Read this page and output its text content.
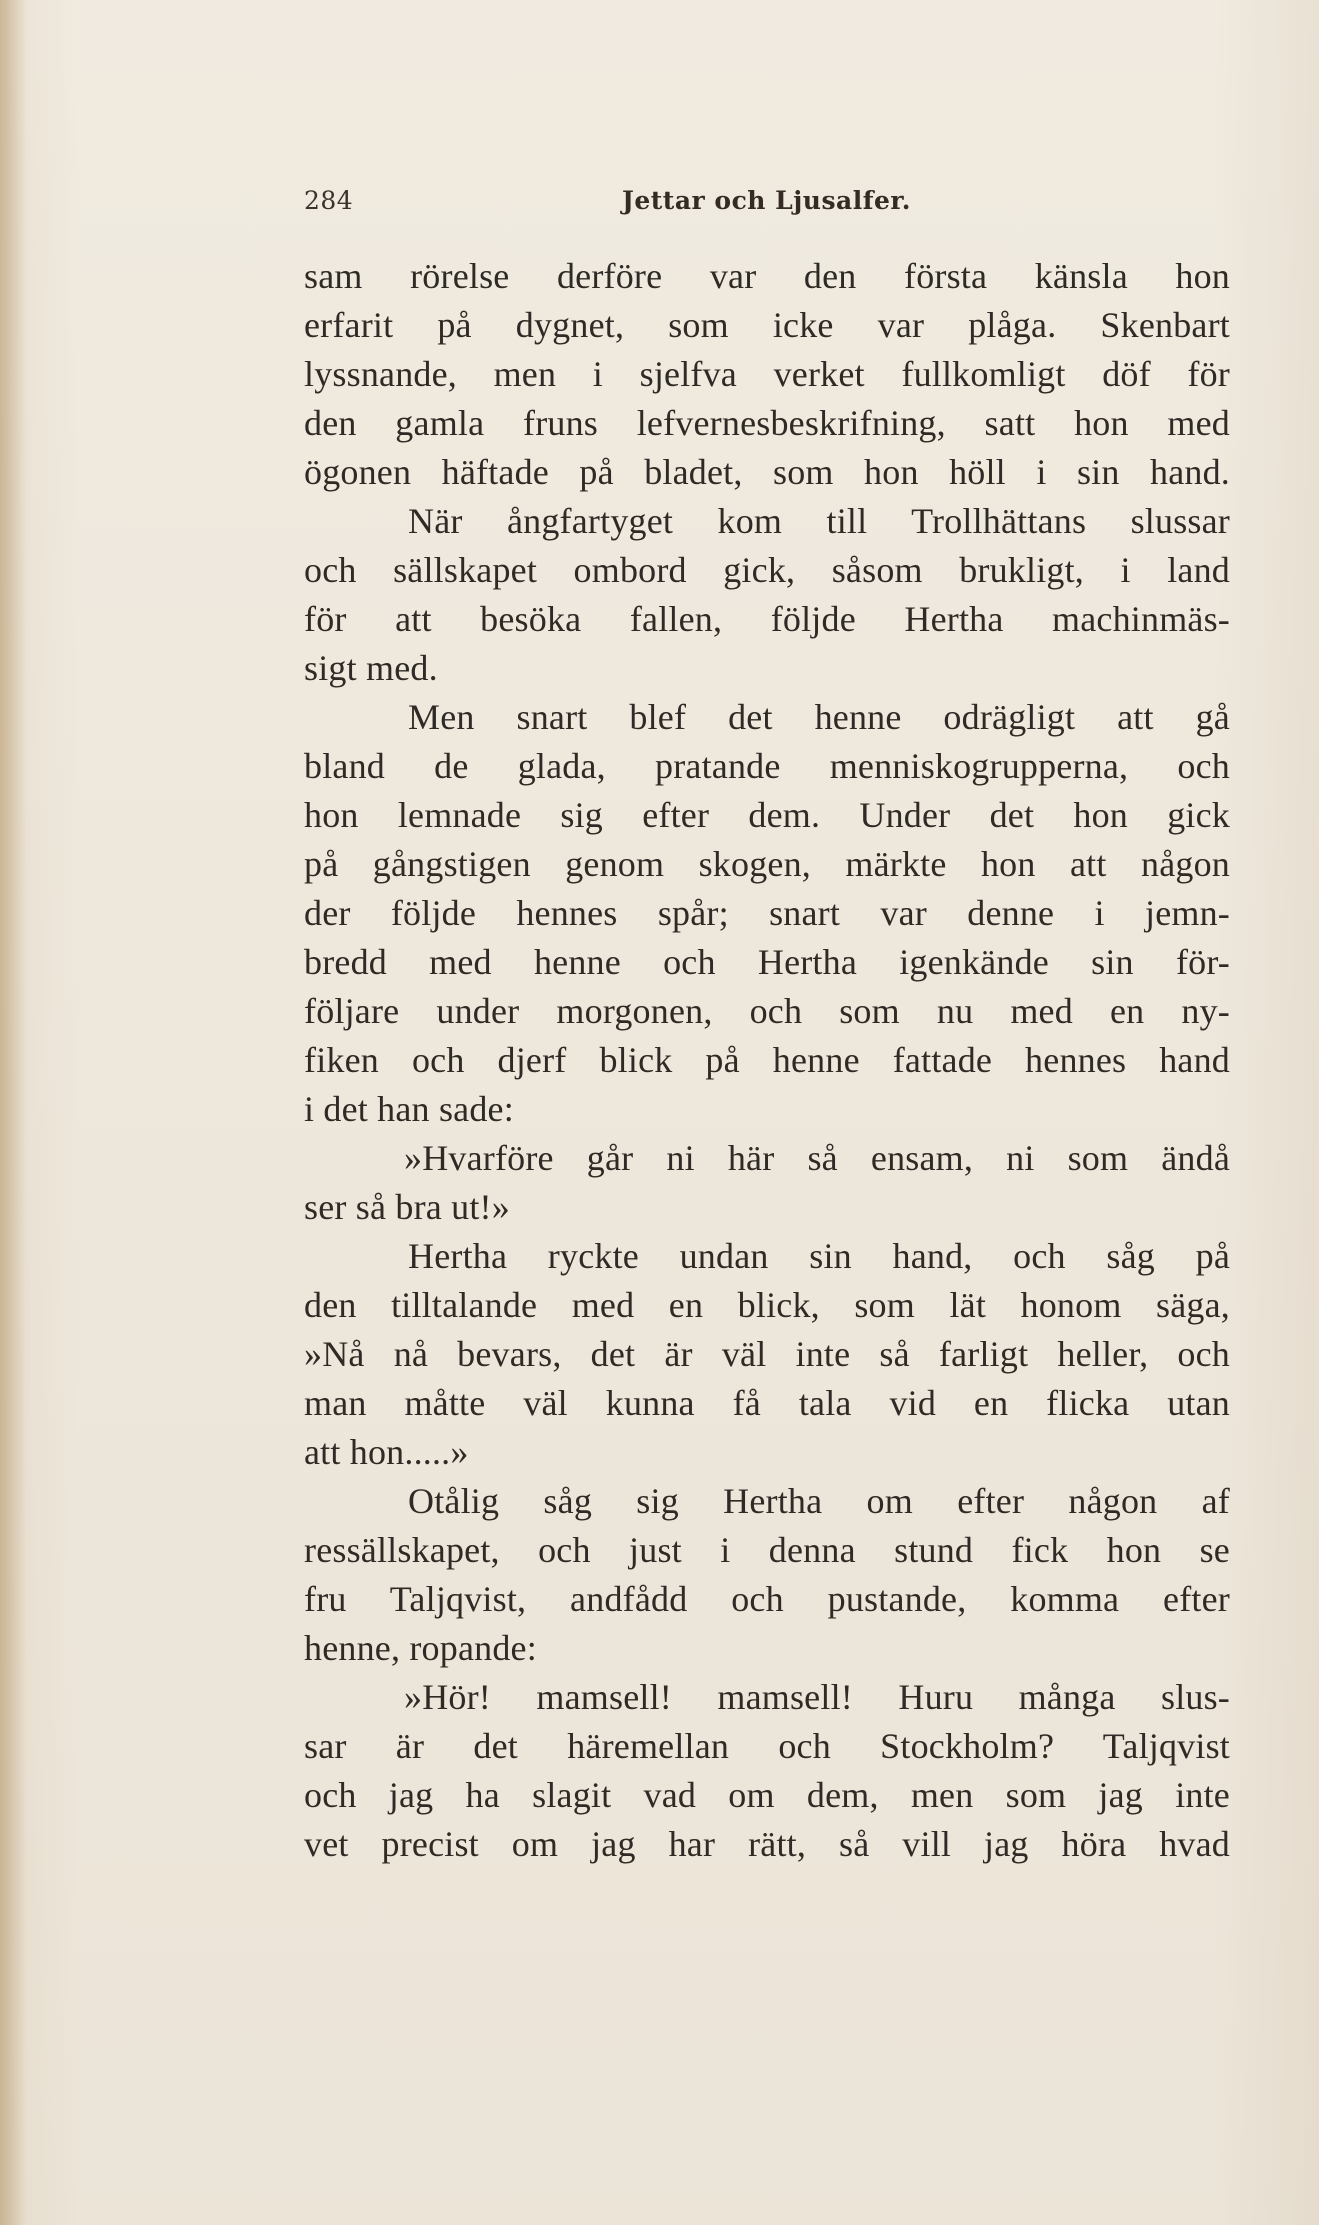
284	Jettar och Ljusalfer.
sam rörelse derföre var den första känsla hon
erfarit på dygnet, som icke var plåga. Skenbart
lyssnande, men i sjelfva verket fullkomligt döf för
den gamla fruns lefvernesbeskrifning, satt hon med
ögonen häftade på bladet, som hon höll i sin hand.
När ångfartyget kom till Trollhättans slussar
och sällskapet ombord gick, såsom brukligt, i land
för att besöka fallen, följde Hertha machinmäs-
sigt med.
Men snart blef det henne odrägligt att gå
bland de glada, pratande menniskogrupperna, och
hon lemnade sig efter dem. Under det hon gick
på gångstigen genom skogen, märkte hon att någon
der följde hennes spår; snart var denne i jemn-
bredd med henne och Hertha igenkände sin för-
följare under morgonen, och som nu med en ny-
fiken och djerf blick på henne fattade hennes hand
i det han sade:
»Hvarföre går ni här så ensam, ni som ändå
ser så bra ut!»
Hertha ryckte undan sin hand, och såg på
den tilltalande med en blick, som lät honom säga,
»Nå nå bevars, det är väl inte så farligt heller, och
man måtte väl kunna få tala vid en flicka utan
att hon.....»
Otålig såg sig Hertha om efter någon af
ressällskapet, och just i denna stund fick hon se
fru Taljqvist, andfådd och pustande, komma efter
henne, ropande:
»Hör! mamsell! mamsell! Huru många slus-
sar är det häremellan och Stockholm? Taljqvist
och jag ha slagit vad om dem, men som jag inte
vet precist om jag har rätt, så vill jag höra hvad
